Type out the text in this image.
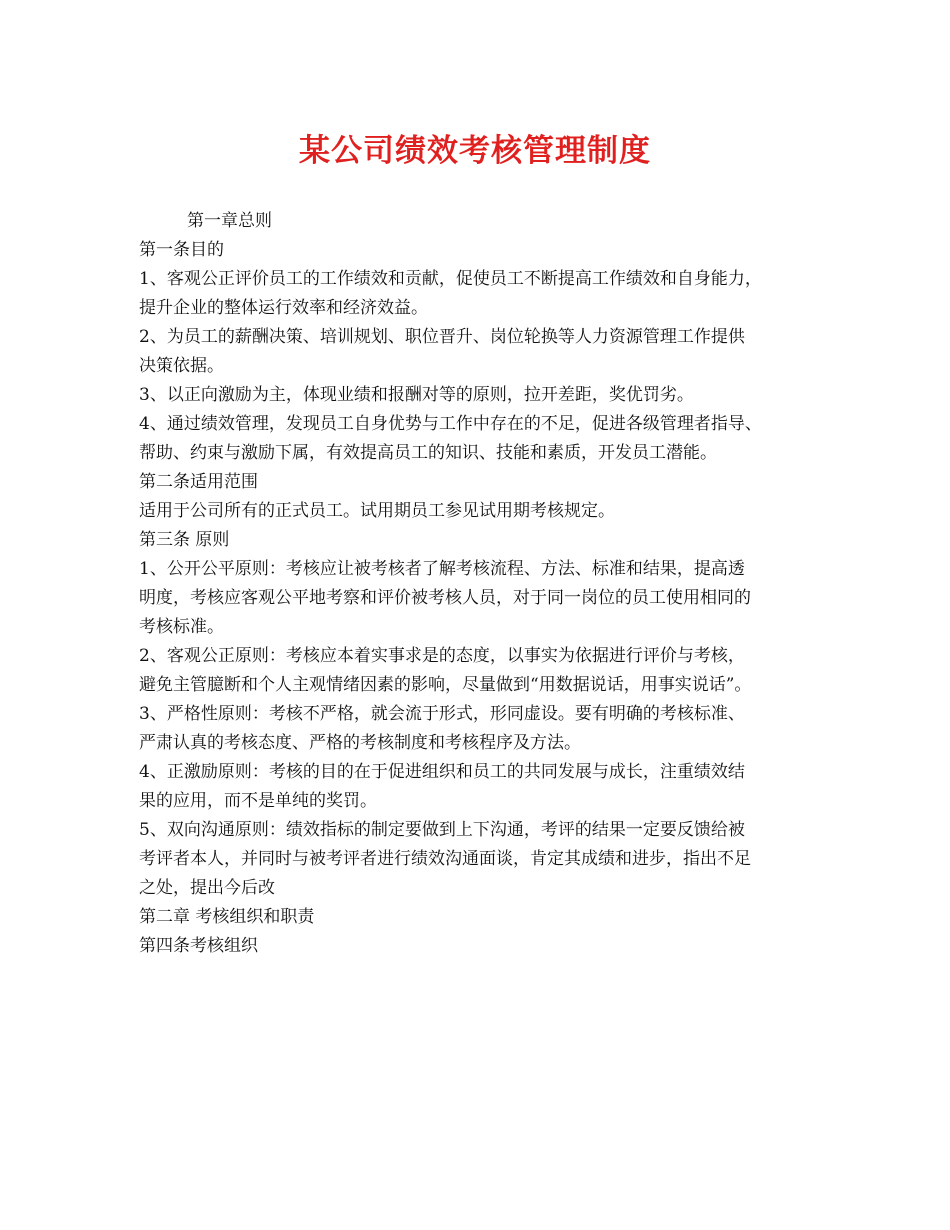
某公司绩效考核管理制度

第一章总则

第一条目的

1、客观公正评价员工的工作绩效和贡献，促使员工不断提高工作绩效和自身能力，

提升企业的整体运行效率和经济效益。

2、为员工的薪酬决策、培训规划、职位晋升、岗位轮换等人力资源管理工作提供

决策依据。

3、以正向激励为主，体现业绩和报酬对等的原则，拉开差距，奖优罚劣。

4、通过绩效管理，发现员工自身优势与工作中存在的不足，促进各级管理者指导、

帮助、约束与激励下属，有效提高员工的知识、技能和素质，开发员工潜能。

第二条适用范围

适用于公司所有的正式员工。试用期员工参见试用期考核规定。

第三条 原则

1、公开公平原则：考核应让被考核者了解考核流程、方法、标准和结果，提高透

明度，考核应客观公平地考察和评价被考核人员，对于同一岗位的员工使用相同的

考核标准。

2、客观公正原则：考核应本着实事求是的态度，以事实为依据进行评价与考核，

避免主管臆断和个人主观情绪因素的影响，尽量做到“用数据说话，用事实说话”。

3、严格性原则：考核不严格，就会流于形式，形同虚设。要有明确的考核标准、

严肃认真的考核态度、严格的考核制度和考核程序及方法。

4、正激励原则：考核的目的在于促进组织和员工的共同发展与成长，注重绩效结

果的应用，而不是单纯的奖罚。

5、双向沟通原则：绩效指标的制定要做到上下沟通，考评的结果一定要反馈给被

考评者本人，并同时与被考评者进行绩效沟通面谈，肯定其成绩和进步，指出不足

之处，提出今后改

第二章 考核组织和职责

第四条考核组织
